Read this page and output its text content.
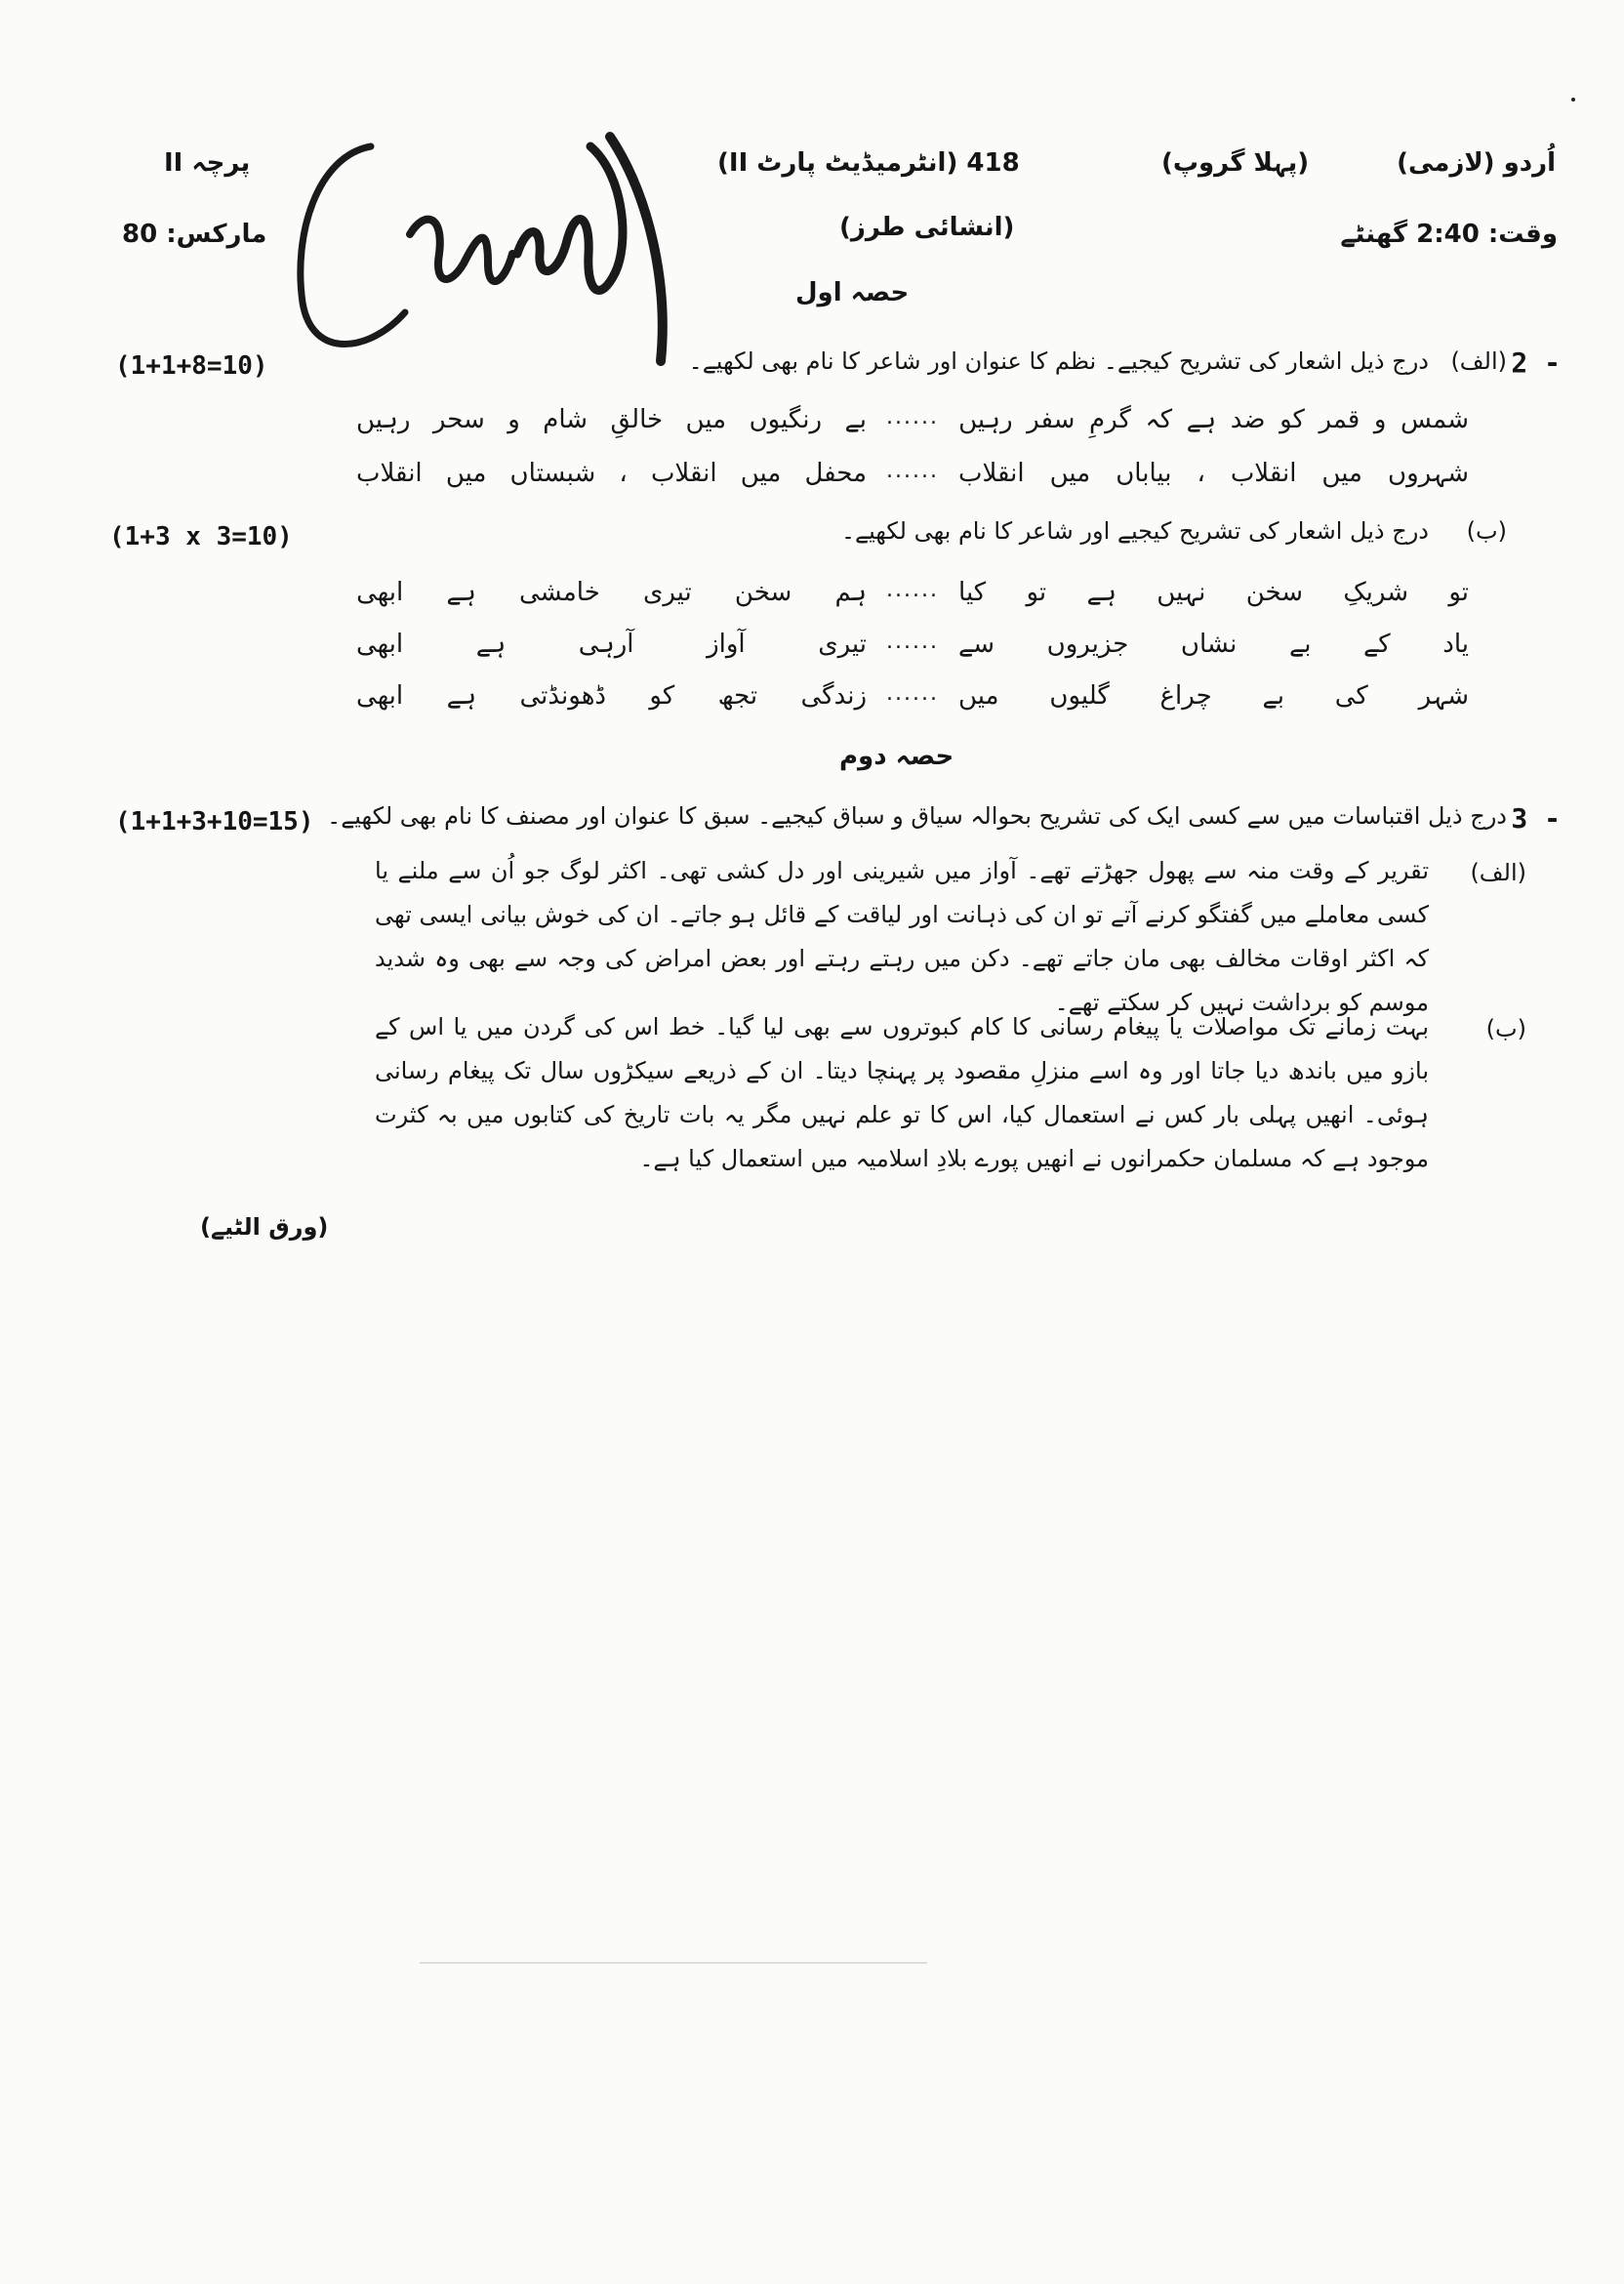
پرچہ II	418 (انٹرمیڈیٹ پارٹ II)	(پہلا گروپ)	اُردو (لازمی)
مارکس: 80	(انشائی طرز)	وقت: 2:40 گھنٹے
حصہ اول
2 -
(الف)
درج ذیل اشعار کی تشریح کیجیے۔ نظم کا عنوان اور شاعر کا نام بھی لکھیے۔
(1+1+8=10)
شمس
و
قمر
کو
ضد
ہے
کہ
گرمِ
سفر
رہیں
......
بے
رنگیوں
میں
خالقِ
شام
و
سحر
رہیں
شہروں
میں
انقلاب
،
بیاباں
میں
انقلاب
......
محفل
میں
انقلاب
،
شبستاں
میں
انقلاب
(ب)
درج ذیل اشعار کی تشریح کیجیے اور شاعر کا نام بھی لکھیے۔
(1+3 x 3=10)
تو
شریکِ
سخن
نہیں
ہے
تو
کیا
......
ہم
سخن
تیری
خامشی
ہے
ابھی
یاد
کے
بے
نشاں
جزیروں
سے
......
تیری
آواز
آرہی
ہے
ابھی
شہر
کی
بے
چراغ
گلیوں
میں
......
زندگی
تجھ
کو
ڈھونڈتی
ہے
ابھی
حصہ دوم
3 -
درج ذیل اقتباسات میں سے کسی ایک کی تشریح بحوالہ سیاق و سباق کیجیے۔ سبق کا عنوان اور مصنف کا نام بھی لکھیے۔
(1+1+3+10=15)
(الف)
تقریر کے وقت منہ سے پھول جھڑتے تھے۔ آواز میں شیرینی اور دل کشی تھی۔ اکثر لوگ جو اُن سے ملنے یا کسی معاملے میں گفتگو کرنے آتے تو ان کی ذہانت اور لیاقت کے قائل ہو جاتے۔ ان کی خوش بیانی ایسی تھی کہ اکثر اوقات مخالف بھی مان جاتے تھے۔ دکن میں رہتے رہتے اور بعض امراض کی وجہ سے بھی وہ شدید موسم کو برداشت نہیں کر سکتے تھے۔
(ب)
بہت زمانے تک مواصلات یا پیغام رسانی کا کام کبوتروں سے بھی لیا گیا۔ خط اس کی گردن میں یا اس کے بازو میں باندھ دیا جاتا اور وہ اسے منزلِ مقصود پر پہنچا دیتا۔ ان کے ذریعے سیکڑوں سال تک پیغام رسانی ہوئی۔ انھیں پہلی بار کس نے استعمال کیا، اس کا تو علم نہیں مگر یہ بات تاریخ کی کتابوں میں بہ کثرت موجود ہے کہ مسلمان حکمرانوں نے انھیں پورے بلادِ اسلامیہ میں استعمال کیا ہے۔
(ورق الٹیے)
